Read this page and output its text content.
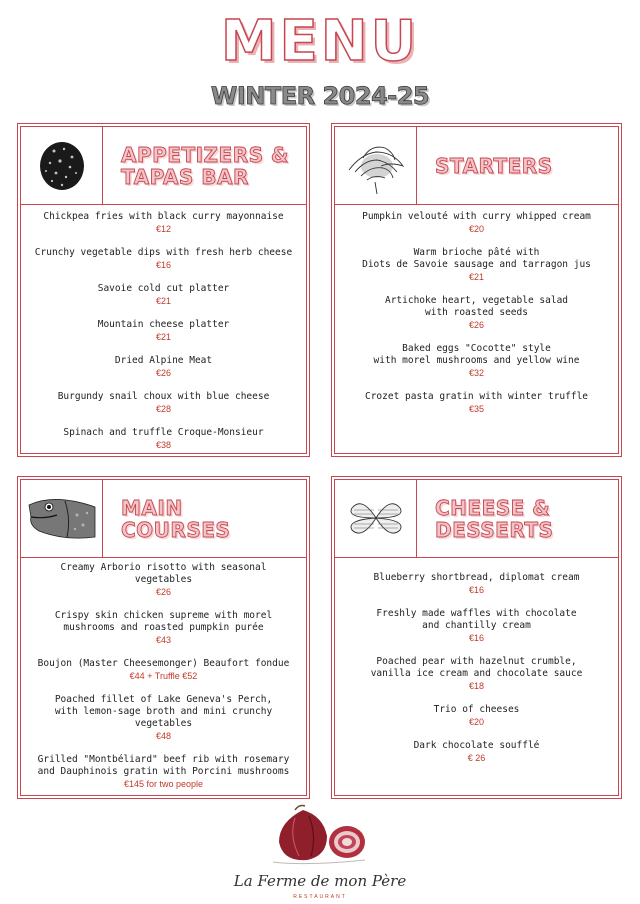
MENU
WINTER 2024-25
APPETIZERS &
TAPAS BAR
Chickpea fries with black curry mayonnaise
€12
Crunchy vegetable dips with fresh herb cheese
€16
Savoie cold cut platter
€21
Mountain cheese platter
€21
Dried Alpine Meat
€26
Burgundy snail choux with blue cheese
€28
Spinach and truffle Croque-Monsieur
€38
STARTERS
Pumpkin velouté with curry whipped cream
€20
Warm brioche pâté with
Diots de Savoie sausage and tarragon jus
€21
Artichoke heart, vegetable salad
with roasted seeds
€26
Baked eggs "Cocotte" style
with morel mushrooms and yellow wine
€32
Crozet pasta gratin with winter truffle
€35
MAIN
COURSES
Creamy Arborio risotto with seasonal
vegetables
€26
Crispy skin chicken supreme with morel
mushrooms and roasted pumpkin purée
€43
Boujon (Master Cheesemonger) Beaufort fondue
€44 + Truffle €52
Poached fillet of Lake Geneva's Perch,
with lemon-sage broth and mini crunchy
vegetables
€48
Grilled "Montbéliard" beef rib with rosemary
and Dauphinois gratin with Porcini mushrooms
€145 for two people
CHEESE &
DESSERTS
Blueberry shortbread, diplomat cream
€16
Freshly made waffles with chocolate
and chantilly cream
€16
Poached pear with hazelnut crumble,
vanilla ice cream and chocolate sauce
€18
Trio of cheeses
€20
Dark chocolate soufflé
€ 26
La Ferme de mon Père
RESTAURANT
